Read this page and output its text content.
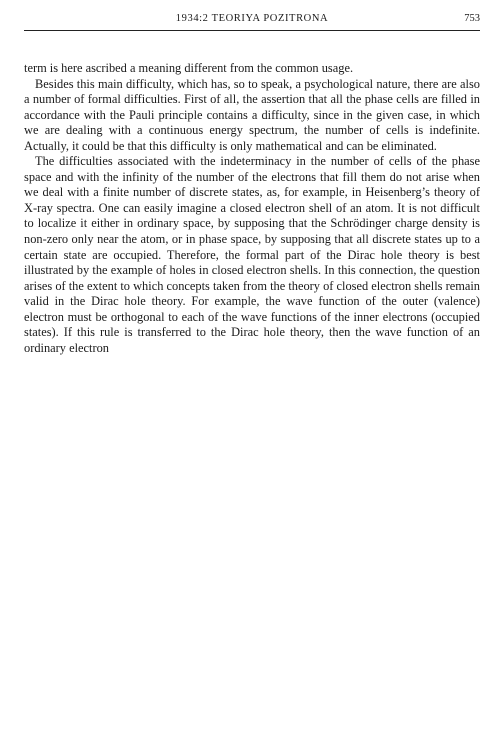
1934:2 TEORIYA POZITRONA	753

term is here ascribed a meaning different from the common usage.

Besides this main difficulty, which has, so to speak, a psychological nature, there are also a number of formal difficulties. First of all, the assertion that all the phase cells are filled in accordance with the Pauli principle contains a difficulty, since in the given case, in which we are dealing with a continuous energy spectrum, the number of cells is indefinite. Actually, it could be that this difficulty is only mathematical and can be eliminated.

The difficulties associated with the indeterminacy in the number of cells of the phase space and with the infinity of the number of the electrons that fill them do not arise when we deal with a finite number of discrete states, as, for example, in Heisenberg’s theory of X-ray spectra. One can easily imagine a closed electron shell of an atom. It is not difficult to localize it either in ordinary space, by supposing that the Schrödinger charge density is non-zero only near the atom, or in phase space, by supposing that all discrete states up to a certain state are occupied. Therefore, the formal part of the Dirac hole theory is best illustrated by the example of holes in closed electron shells. In this connection, the question arises of the extent to which concepts taken from the theory of closed electron shells remain valid in the Dirac hole theory. For example, the wave function of the outer (valence) electron must be orthogonal to each of the wave functions of the inner electrons (occupied states). If this rule is transferred to the Dirac hole theory, then the wave function of an ordinary electron
